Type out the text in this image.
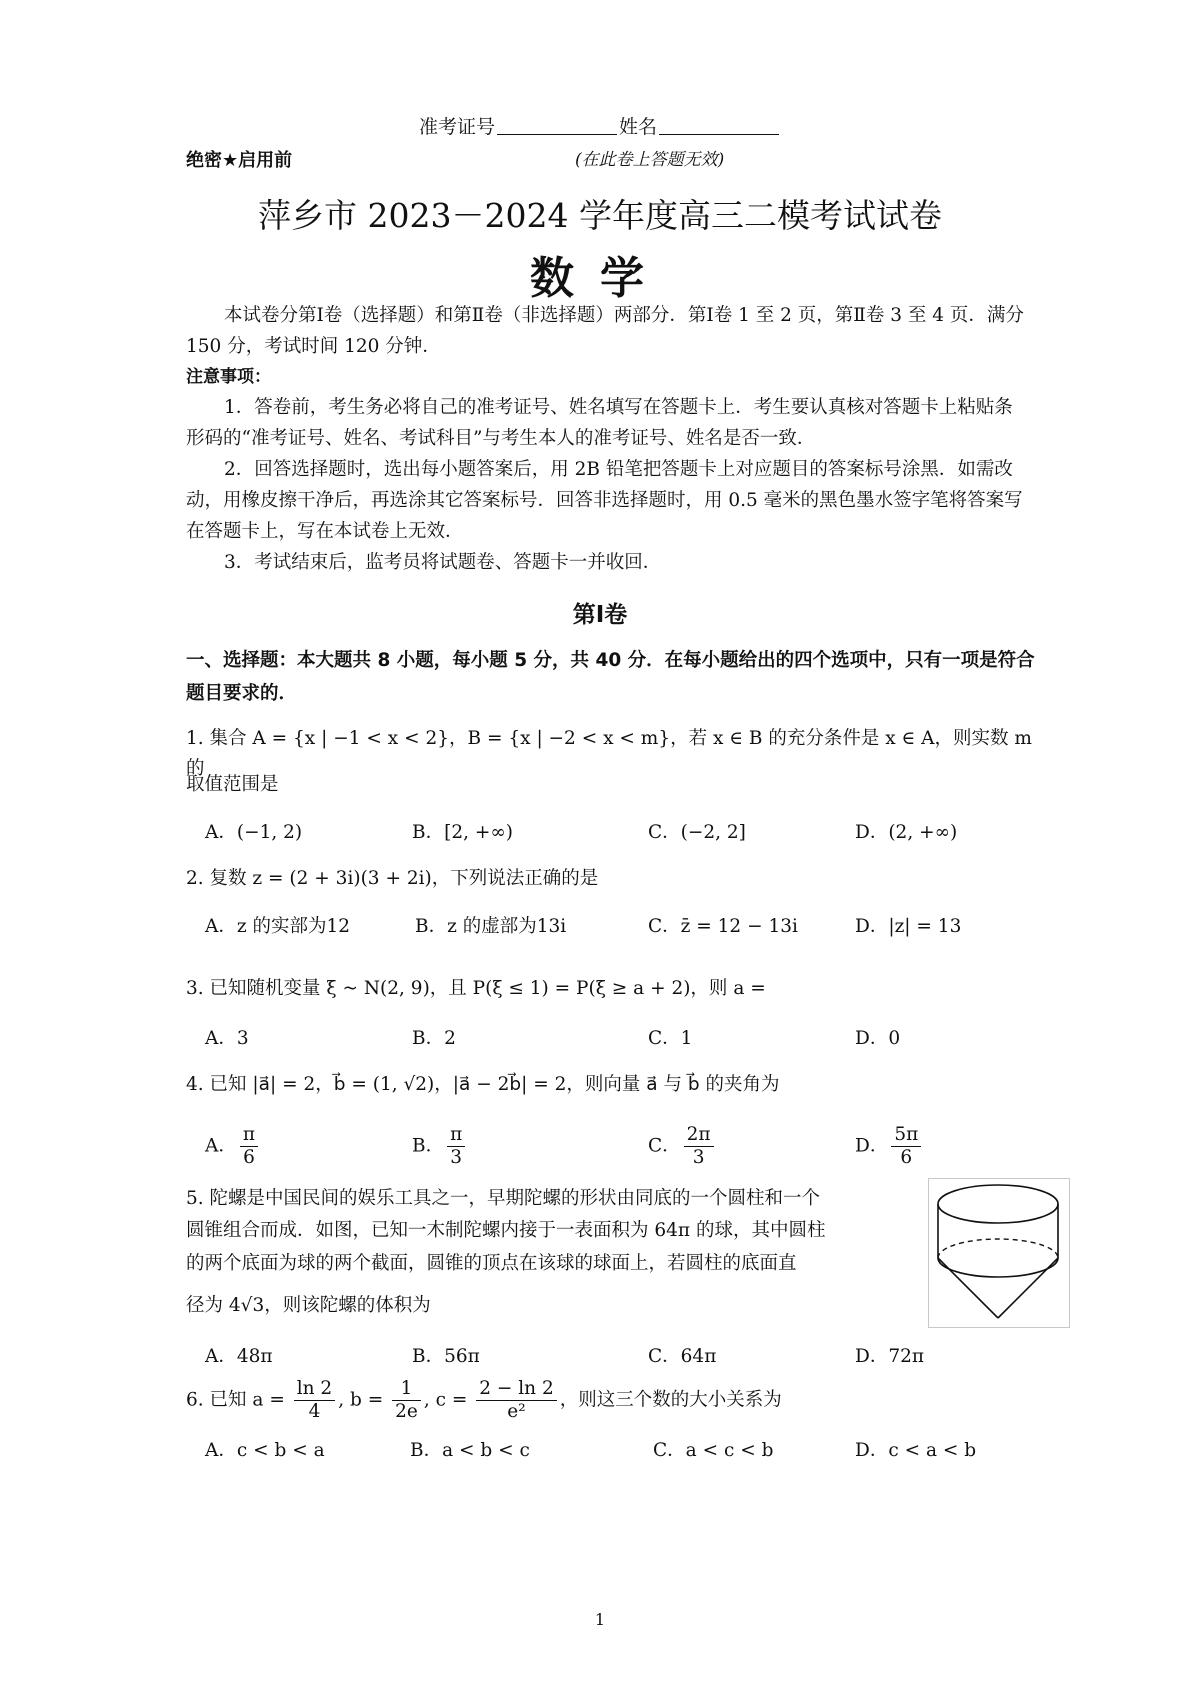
准考证号	姓名
绝密★启用前	(在此卷上答题无效)
萍乡市 2023－2024 学年度高三二模考试试卷
数学
本试卷分第Ⅰ卷（选择题）和第Ⅱ卷（非选择题）两部分．第Ⅰ卷 1 至 2 页，第Ⅱ卷 3 至 4 页．满分 150 分，考试时间 120 分钟．
注意事项：
1．答卷前，考生务必将自己的准考证号、姓名填写在答题卡上．考生要认真核对答题卡上粘贴条形码的“准考证号、姓名、考试科目”与考生本人的准考证号、姓名是否一致．
2．回答选择题时，选出每小题答案后，用 2B 铅笔把答题卡上对应题目的答案标号涂黑．如需改动，用橡皮擦干净后，再选涂其它答案标号．回答非选择题时，用 0.5 毫米的黑色墨水签字笔将答案写在答题卡上，写在本试卷上无效．
3．考试结束后，监考员将试题卷、答题卡一并收回．
第Ⅰ卷
一、选择题：本大题共 8 小题，每小题 5 分，共 40 分．在每小题给出的四个选项中，只有一项是符合题目要求的．
1. 集合 A = {x | −1 < x < 2}，B = {x | −2 < x < m}，若 x ∈ B 的充分条件是 x ∈ A，则实数 m 的
取值范围是
A．(−1, 2)	B．[2, +∞)	C．(−2, 2]	D．(2, +∞)
2. 复数 z = (2 + 3i)(3 + 2i)，下列说法正确的是
A．z 的实部为12	B．z 的虚部为13i	C．z̄ = 12 − 13i	D．|z| = 13
3. 已知随机变量 ξ ~ N(2, 9)，且 P(ξ ≤ 1) = P(ξ ≥ a + 2)，则 a =
A．3	B．2	C．1	D．0
4. 已知 |a⃗| = 2，b⃗ = (1, √2)，|a⃗ − 2b⃗| = 2，则向量 a⃗ 与 b⃗ 的夹角为
A． $\frac{\pi}{6}$	B． $\frac{\pi}{3}$	C． $\frac{2\pi}{3}$	D． $\frac{5\pi}{6}$
5. 陀螺是中国民间的娱乐工具之一，早期陀螺的形状由同底的一个圆柱和一个
圆锥组合而成．如图，已知一木制陀螺内接于一表面积为 64π 的球，其中圆柱
的两个底面为球的两个截面，圆锥的顶点在该球的球面上，若圆柱的底面直
径为 4√3，则该陀螺的体积为
A．48π	B．56π	C．64π	D．72π
6. 已知 $a = \frac{\ln 2}{4}$ , $b = \frac{1}{2e}$ , $c = \frac{2 - \ln 2}{\text{e²}}$ ，则这三个数的大小关系为
A．c < b < a	B．a < b < c	C．a < c < b	D．c < a < b
1
